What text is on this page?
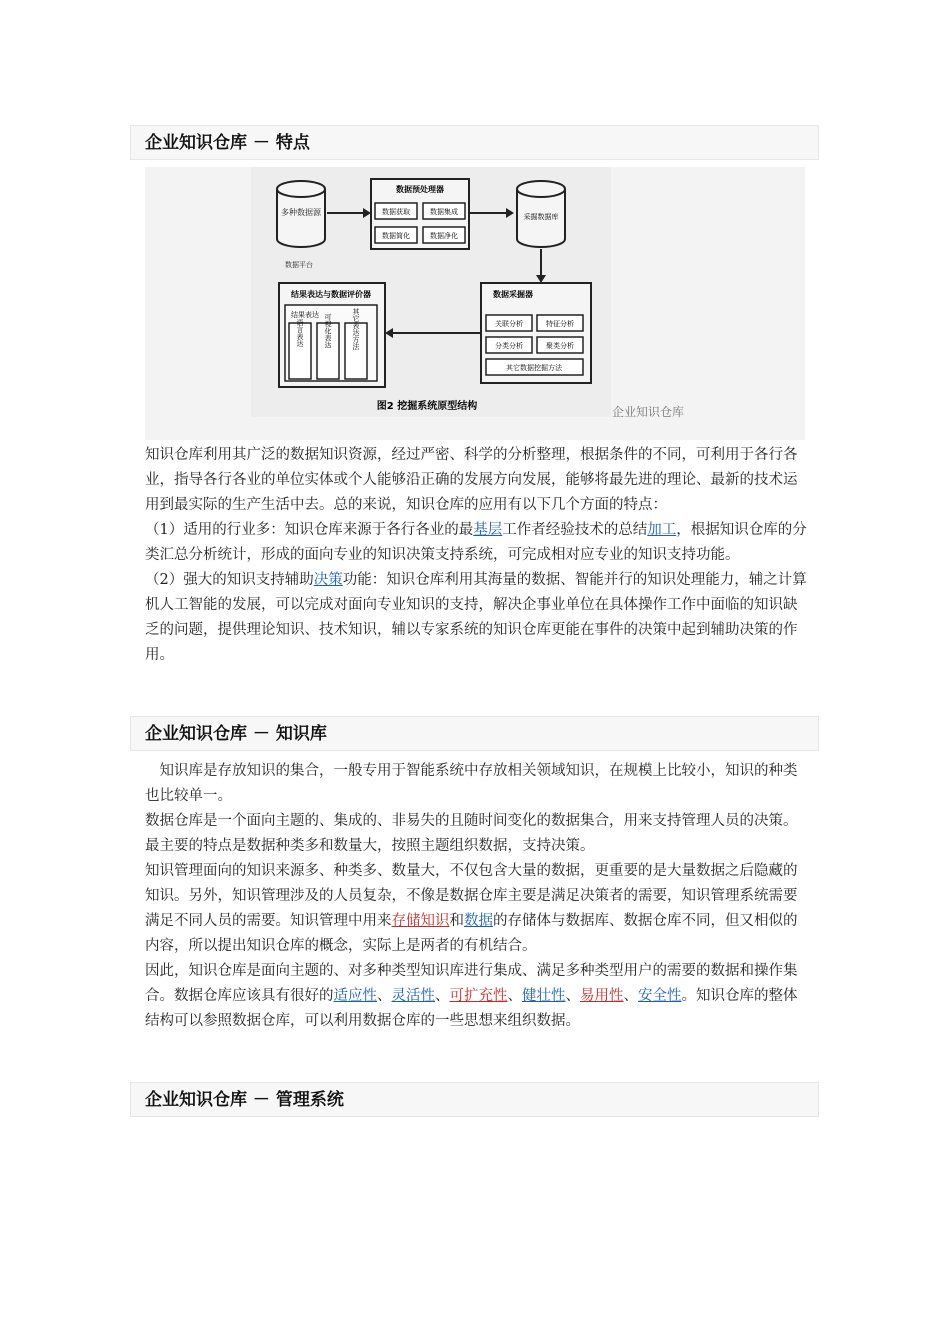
企业知识仓库 － 特点
多种数据源
数据平台
数据预处理器
数据获取	数据集成
数据简化	数据净化
采掘数据库
数据采掘器
关联分析	特征分析
分类分析	聚类分析
其它数据挖掘方法
结果表达与数据评价器
结果表达
语言表达	可视化表达	其它表达方法
图2 挖掘系统原型结构	企业知识仓库

知识仓库利用其广泛的数据知识资源，经过严密、科学的分析整理，根据条件的不同，可利用于各行各业，指导各行各业的单位实体或个人能够沿正确的发展方向发展，能够将最先进的理论、最新的技术运用到最实际的生产生活中去。总的来说，知识仓库的应用有以下几个方面的特点：

（1）适用的行业多：知识仓库来源于各行各业的最基层工作者经验技术的总结加工，根据知识仓库的分类汇总分析统计，形成的面向专业的知识决策支持系统，可完成相对应专业的知识支持功能。

（2）强大的知识支持辅助决策功能：知识仓库利用其海量的数据、智能并行的知识处理能力，辅之计算机人工智能的发展，可以完成对面向专业知识的支持，解决企事业单位在具体操作工作中面临的知识缺乏的问题，提供理论知识、技术知识，辅以专家系统的知识仓库更能在事件的决策中起到辅助决策的作用。

企业知识仓库 － 知识库

　知识库是存放知识的集合，一般专用于智能系统中存放相关领域知识，在规模上比较小，知识的种类也比较单一。

数据仓库是一个面向主题的、集成的、非易失的且随时间变化的数据集合，用来支持管理人员的决策。最主要的特点是数据种类多和数量大，按照主题组织数据，支持决策。

知识管理面向的知识来源多、种类多、数量大，不仅包含大量的数据，更重要的是大量数据之后隐藏的知识。另外，知识管理涉及的人员复杂，不像是数据仓库主要是满足决策者的需要，知识管理系统需要满足不同人员的需要。知识管理中用来存储知识和数据的存储体与数据库、数据仓库不同，但又相似的内容，所以提出知识仓库的概念，实际上是两者的有机结合。

因此，知识仓库是面向主题的、对多种类型知识库进行集成、满足多种类型用户的需要的数据和操作集合。数据仓库应该具有很好的适应性、灵活性、可扩充性、健壮性、易用性、安全性。知识仓库的整体结构可以参照数据仓库，可以利用数据仓库的一些思想来组织数据。

企业知识仓库 － 管理系统
